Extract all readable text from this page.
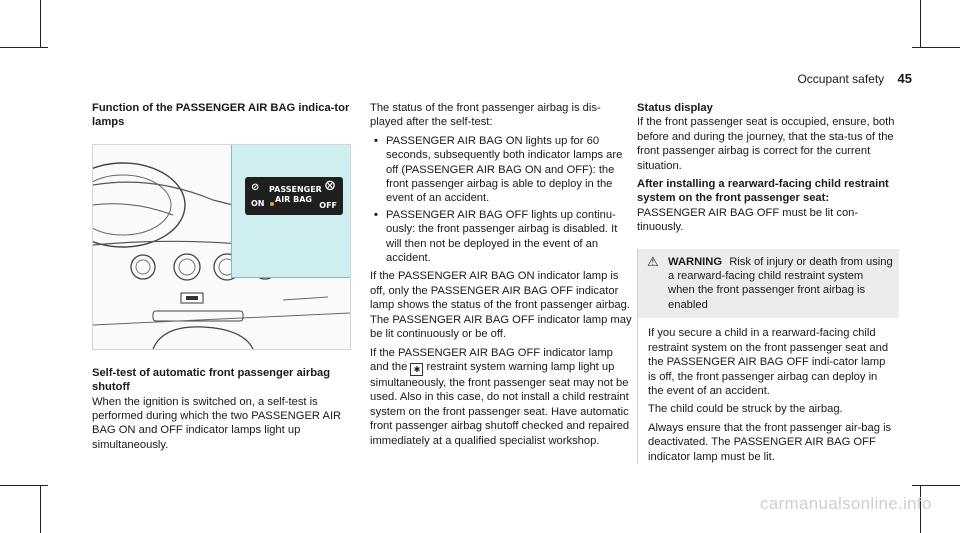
Occupant safety 45

Function of the PASSENGER AIR BAG indica-tor lamps

⊘ PASSENGER
AIR BAG
ON
⨂
OFF

Self-test of automatic front passenger airbag shutoff

When the ignition is switched on, a self-test is performed during which the two PASSENGER AIR BAG ON and OFF indicator lamps light up simultaneously.

The status of the front passenger airbag is dis-played after the self-test:

• PASSENGER AIR BAG ON lights up for 60 seconds, subsequently both indicator lamps are off (PASSENGER AIR BAG ON and OFF): the front passenger airbag is able to deploy in the event of an accident.
• PASSENGER AIR BAG OFF lights up continu-ously: the front passenger airbag is disabled. It will then not be deployed in the event of an accident.

If the PASSENGER AIR BAG ON indicator lamp is off, only the PASSENGER AIR BAG OFF indicator lamp shows the status of the front passenger airbag. The PASSENGER AIR BAG OFF indicator lamp may be lit continuously or be off.

If the PASSENGER AIR BAG OFF indicator lamp and the ✱ restraint system warning lamp light up simultaneously, the front passenger seat may not be used. Also in this case, do not install a child restraint system on the front passenger seat. Have automatic front passenger airbag shutoff checked and repaired immediately at a qualified specialist workshop.

Status display

If the front passenger seat is occupied, ensure, both before and during the journey, that the sta-tus of the front passenger airbag is correct for the current situation.

After installing a rearward-facing child restraint system on the front passenger seat: PASSENGER AIR BAG OFF must be lit con-tinuously.

⚠ WARNING Risk of injury or death from using a rearward-facing child restraint system when the front passenger front airbag is enabled

If you secure a child in a rearward-facing child restraint system on the front passenger seat and the PASSENGER AIR BAG OFF indi-cator lamp is off, the front passenger airbag can deploy in the event of an accident.

The child could be struck by the airbag.

Always ensure that the front passenger air-bag is deactivated. The PASSENGER AIR BAG OFF indicator lamp must be lit.

carmanualsonline.info
